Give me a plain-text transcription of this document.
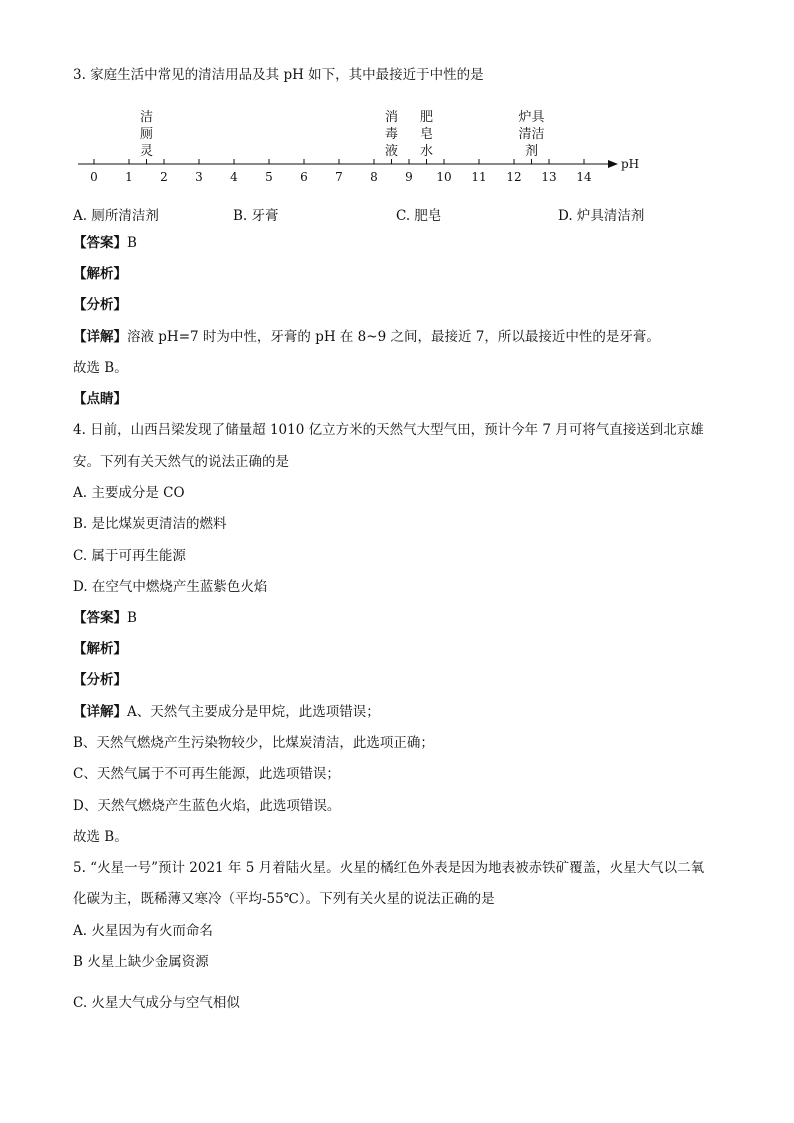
3. 家庭生活中常见的清洁用品及其 pH 如下，其中最接近于中性的是
pH
0 1 2 3 4 5 6 7 8 9 10 11 12 13 14
洁
厕
灵
消
毒
液
肥
皂
水
炉具
清洁
剂
A. 厕所清洁剂	B. 牙膏	C. 肥皂	D. 炉具清洁剂
【答案】B
【解析】
【分析】
【详解】溶液 pH=7 时为中性，牙膏的 pH 在 8~9 之间，最接近 7，所以最接近中性的是牙膏。
故选 B。
【点睛】
4. 日前，山西吕梁发现了储量超 1010 亿立方米的天然气大型气田，预计今年 7 月可将气直接送到北京雄
安。下列有关天然气的说法正确的是
A. 主要成分是 CO
B. 是比煤炭更清洁的燃料
C. 属于可再生能源
D. 在空气中燃烧产生蓝紫色火焰
【答案】B
【解析】
【分析】
【详解】A、天然气主要成分是甲烷，此选项错误；
B、天然气燃烧产生污染物较少，比煤炭清洁，此选项正确；
C、天然气属于不可再生能源，此选项错误；
D、天然气燃烧产生蓝色火焰，此选项错误。
故选 B。
5. “火星一号”预计 2021 年 5 月着陆火星。火星的橘红色外表是因为地表被赤铁矿覆盖，火星大气以二氧
化碳为主，既稀薄又寒冷（平均-55℃）。下列有关火星的说法正确的是
A. 火星因为有火而命名
B 火星上缺少金属资源
C. 火星大气成分与空气相似
